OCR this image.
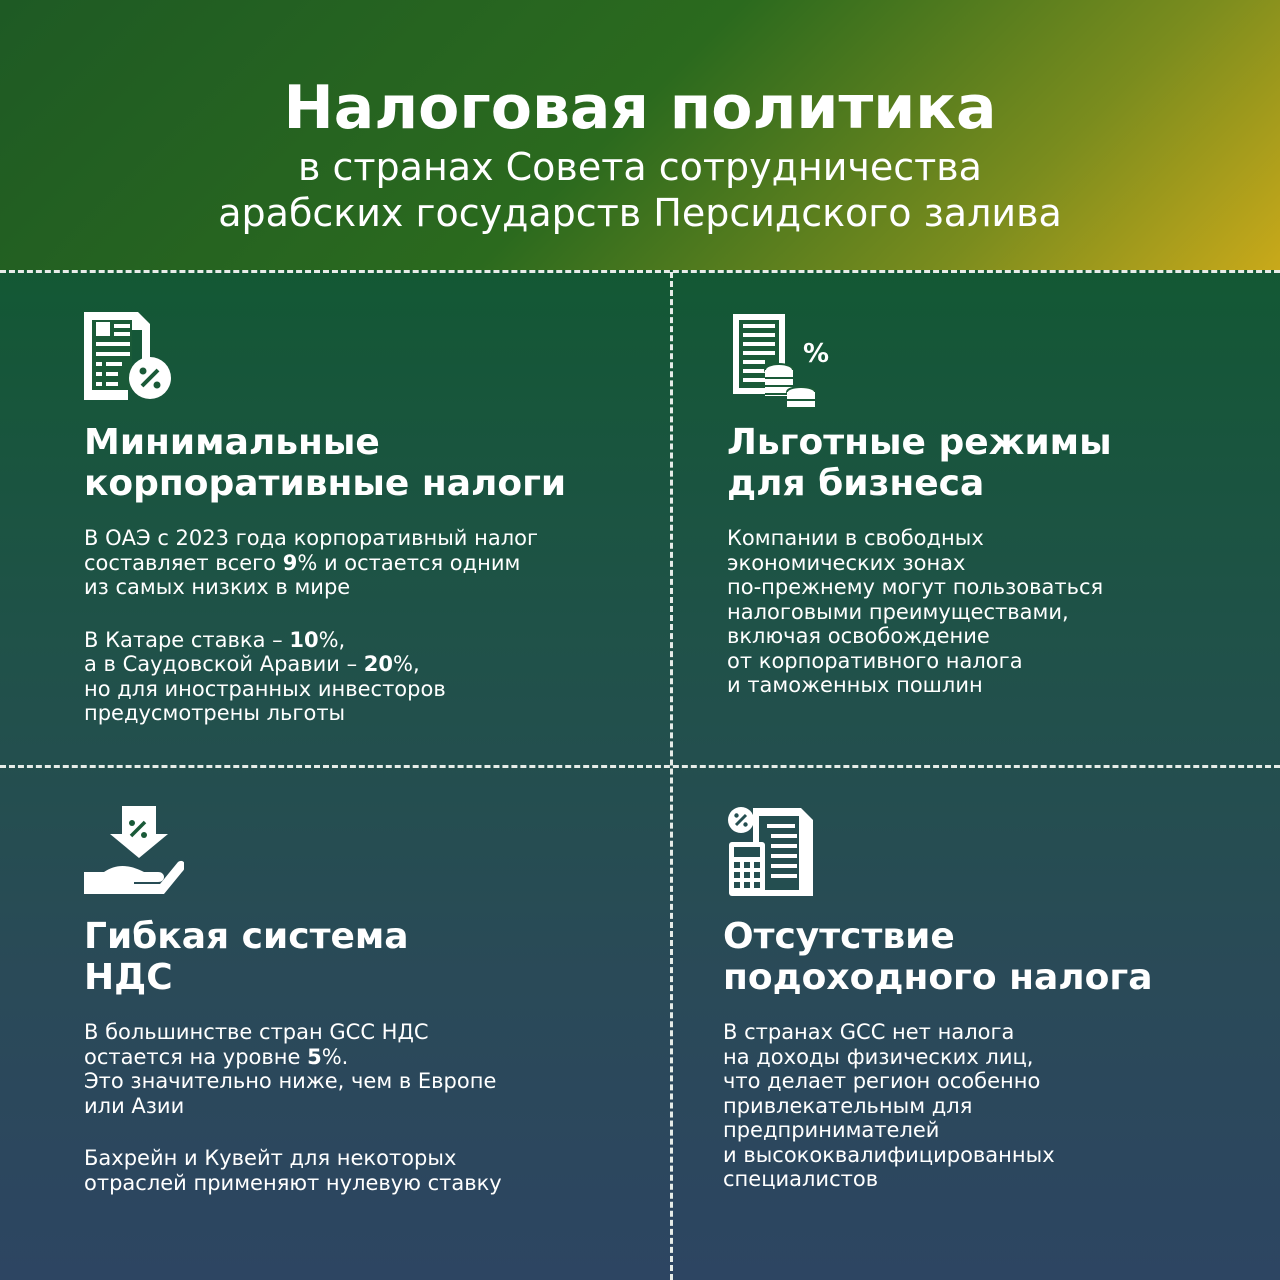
Налоговая политика
в странах Совета сотрудничества
арабских государств Персидского залива
Минимальные
корпоративные налоги
В ОАЭ с 2023 года корпоративный налог
составляет всего 9% и остается одним
из самых низких в мире
В Катаре ставка – 10%,
а в Саудовской Аравии – 20%,
но для иностранных инвесторов
предусмотрены льготы
%
Льготные режимы
для бизнеса
Компании в свободных
экономических зонах
по-прежнему могут пользоваться
налоговыми преимуществами,
включая освобождение
от корпоративного налога
и таможенных пошлин
Гибкая система
НДС
В большинстве стран GCC НДС
остается на уровне 5%.
Это значительно ниже, чем в Европе
или Азии
Бахрейн и Кувейт для некоторых
отраслей применяют нулевую ставку
Отсутствие
подоходного налога
В странах GCC нет налога
на доходы физических лиц,
что делает регион особенно
привлекательным для
предпринимателей
и высококвалифицированных
специалистов
